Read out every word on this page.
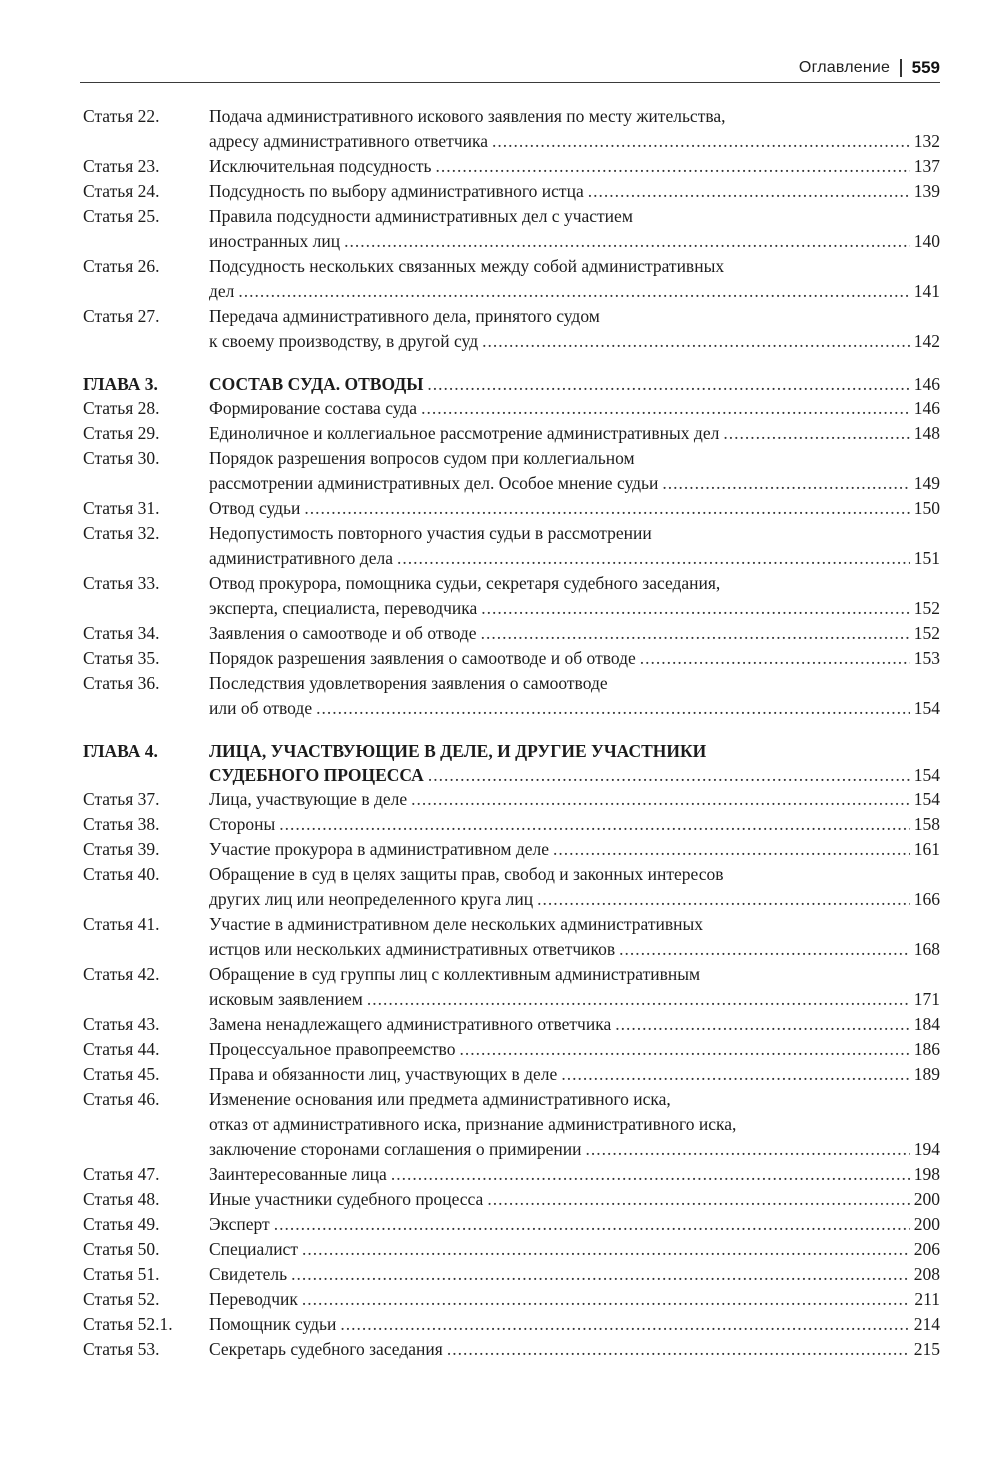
Оглавление 559
Статья 22.	Подача административного искового заявления по месту жительства,
адресу административного ответчика .....	132
Статья 23.	Исключительная подсудность .....	137
Статья 24.	Подсудность по выбору административного истца .....	139
Статья 25.	Правила подсудности административных дел с участием
иностранных лиц .....	140
Статья 26.	Подсудность нескольких связанных между собой административных
дел .....	141
Статья 27.	Передача административного дела, принятого судом
к своему производству, в другой суд .....	142
ГЛАВА 3.	СОСТАВ СУДА. ОТВОДЫ .....	146
Статья 28.	Формирование состава суда .....	146
Статья 29.	Единоличное и коллегиальное рассмотрение административных дел .....	148
Статья 30.	Порядок разрешения вопросов судом при коллегиальном
рассмотрении административных дел. Особое мнение судьи .....	149
Статья 31.	Отвод судьи .....	150
Статья 32.	Недопустимость повторного участия судьи в рассмотрении
административного дела .....	151
Статья 33.	Отвод прокурора, помощника судьи, секретаря судебного заседания,
эксперта, специалиста, переводчика .....	152
Статья 34.	Заявления о самоотводе и об отводе .....	152
Статья 35.	Порядок разрешения заявления о самоотводе и об отводе .....	153
Статья 36.	Последствия удовлетворения заявления о самоотводе
или об отводе .....	154
ГЛАВА 4.	ЛИЦА, УЧАСТВУЮЩИЕ В ДЕЛЕ, И ДРУГИЕ УЧАСТНИКИ
СУДЕБНОГО ПРОЦЕССА .....	154
Статья 37.	Лица, участвующие в деле .....	154
Статья 38.	Стороны .....	158
Статья 39.	Участие прокурора в административном деле .....	161
Статья 40.	Обращение в суд в целях защиты прав, свобод и законных интересов
других лиц или неопределенного круга лиц .....	166
Статья 41.	Участие в административном деле нескольких административных
истцов или нескольких административных ответчиков .....	168
Статья 42.	Обращение в суд группы лиц с коллективным административным
исковым заявлением .....	171
Статья 43.	Замена ненадлежащего административного ответчика .....	184
Статья 44.	Процессуальное правопреемство .....	186
Статья 45.	Права и обязанности лиц, участвующих в деле .....	189
Статья 46.	Изменение основания или предмета административного иска,
отказ от административного иска, признание административного иска,
заключение сторонами соглашения о примирении .....	194
Статья 47.	Заинтересованные лица .....	198
Статья 48.	Иные участники судебного процесса .....	200
Статья 49.	Эксперт .....	200
Статья 50.	Специалист .....	206
Статья 51.	Свидетель .....	208
Статья 52.	Переводчик .....	211
Статья 52.1.	Помощник судьи .....	214
Статья 53.	Секретарь судебного заседания .....	215
